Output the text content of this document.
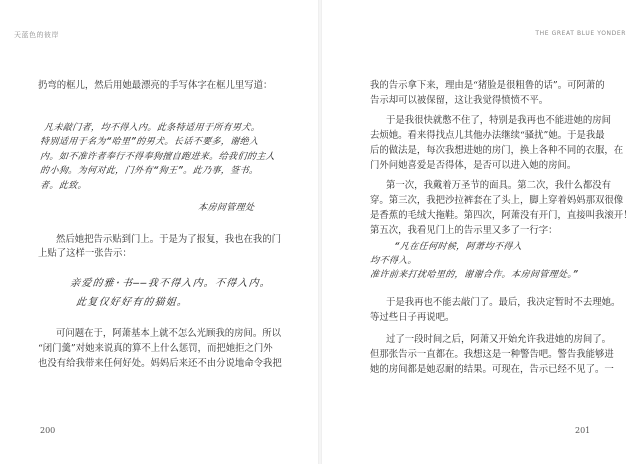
天蓝色的彼岸
扔弯的框儿，然后用她最漂亮的手写体字在框儿里写道：
凡未敲门者，均不得入内。此条特适用于所有男犬。
特别适用于名为“哈里”的男犬。长话不要多，谢绝入
内。如不准许者奉行不得奉狗擅自跑进来。给我们的主人
的小狗。为何对此，门外有“狗王”。此乃事，签书。
者。此致。
本房间管理处
然后她把告示贴到门上。于是为了报复，我也在我的门
上贴了这样一张告示：
亲爱的雅·书——我不得入内。不得入内。
此复仅好好有的猫姐。
可问题在于，阿萧基本上就不怎么光顾我的房间。所以
“闭门羹”对她来说真的算不上什么惩罚，而把她拒之门外
也没有给我带来任何好处。妈妈后来还不由分说地命令我把
200
THE GREAT BLUE YONDER
我的告示拿下来，理由是“猪脸是很粗鲁的话”。可阿萧的
告示却可以被保留，这让我觉得愤愤不平。
于是我很快就憋不住了，特别是我再也不能进她的房间
去烦她。看来得找点儿其他办法继续“骚扰”她。于是我最
后的做法是，每次我想进她的房门，换上各种不同的衣服，在
门外问她喜爱是否得体，是否可以进入她的房间。
第一次，我戴着万圣节的面具。第二次，我什么都没有
穿。第三次，我把沙拉裤套在了头上，脚上穿着妈妈那双很像
是香蕉的毛绒大拖鞋。第四次，阿萧没有开门，直接叫我滚开！
第五次，我看见门上的告示里又多了一行字：
“凡在任何时候，阿萧均不得入
均不得入。
准许前来打扰哈里的，谢谢合作。本房间管理处。”
于是我再也不能去敲门了。最后，我决定暂时不去理她。
等过些日子再说吧。
过了一段时间之后，阿萧又开始允许我进她的房间了。
但那张告示一直都在。我想这是一种警告吧。警告我能够进
她的房间都是她忍耐的结果。可现在，告示已经不见了。一
201
